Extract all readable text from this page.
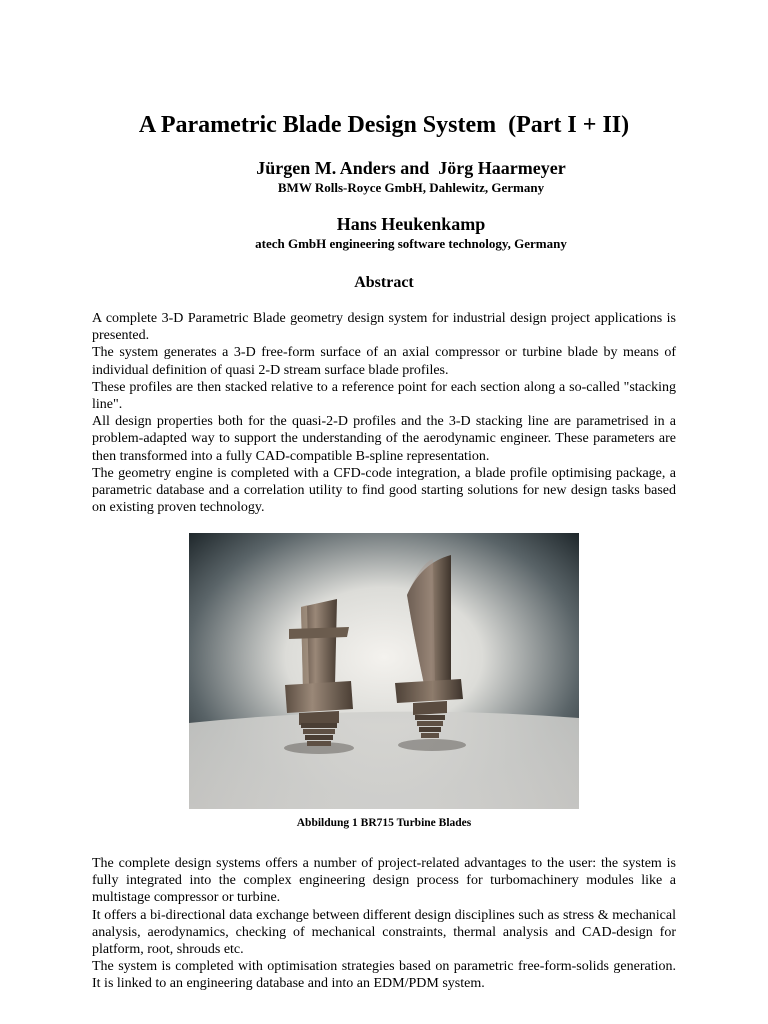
A Parametric Blade Design System  (Part I + II)
Jürgen M. Anders and  Jörg Haarmeyer
BMW Rolls-Royce GmbH, Dahlewitz, Germany
Hans Heukenkamp
atech GmbH engineering software technology, Germany
Abstract

A complete 3-D Parametric Blade geometry design system for industrial design project applications is presented.

The system generates a 3-D free-form surface of an axial compressor or turbine blade by means of individual definition of quasi 2-D stream surface blade profiles.

These profiles are then stacked relative to a reference point for each section along a so-called "stacking line".

All design properties both for the quasi-2-D profiles and the 3-D stacking line are parametrised in a problem-adapted way to support the understanding of the aerodynamic engineer. These parameters are then transformed into a fully CAD-compatible B-spline representation.

The geometry engine is completed with a CFD-code integration, a blade profile optimising package, a parametric database and a correlation utility to find good starting solutions for new design tasks based on existing proven technology.

Abbildung 1 BR715 Turbine Blades

The complete design systems offers a number of project-related advantages to the user: the system is fully integrated into the complex engineering design process for turbomachinery modules like a multistage compressor or turbine.

It offers a bi-directional data exchange between different design disciplines such as stress & mechanical analysis, aerodynamics, checking of mechanical constraints, thermal analysis and CAD-design for platform, root, shrouds etc.

The system is completed with optimisation strategies based on parametric free-form-solids generation. It is linked to an engineering database and into an EDM/PDM system.
